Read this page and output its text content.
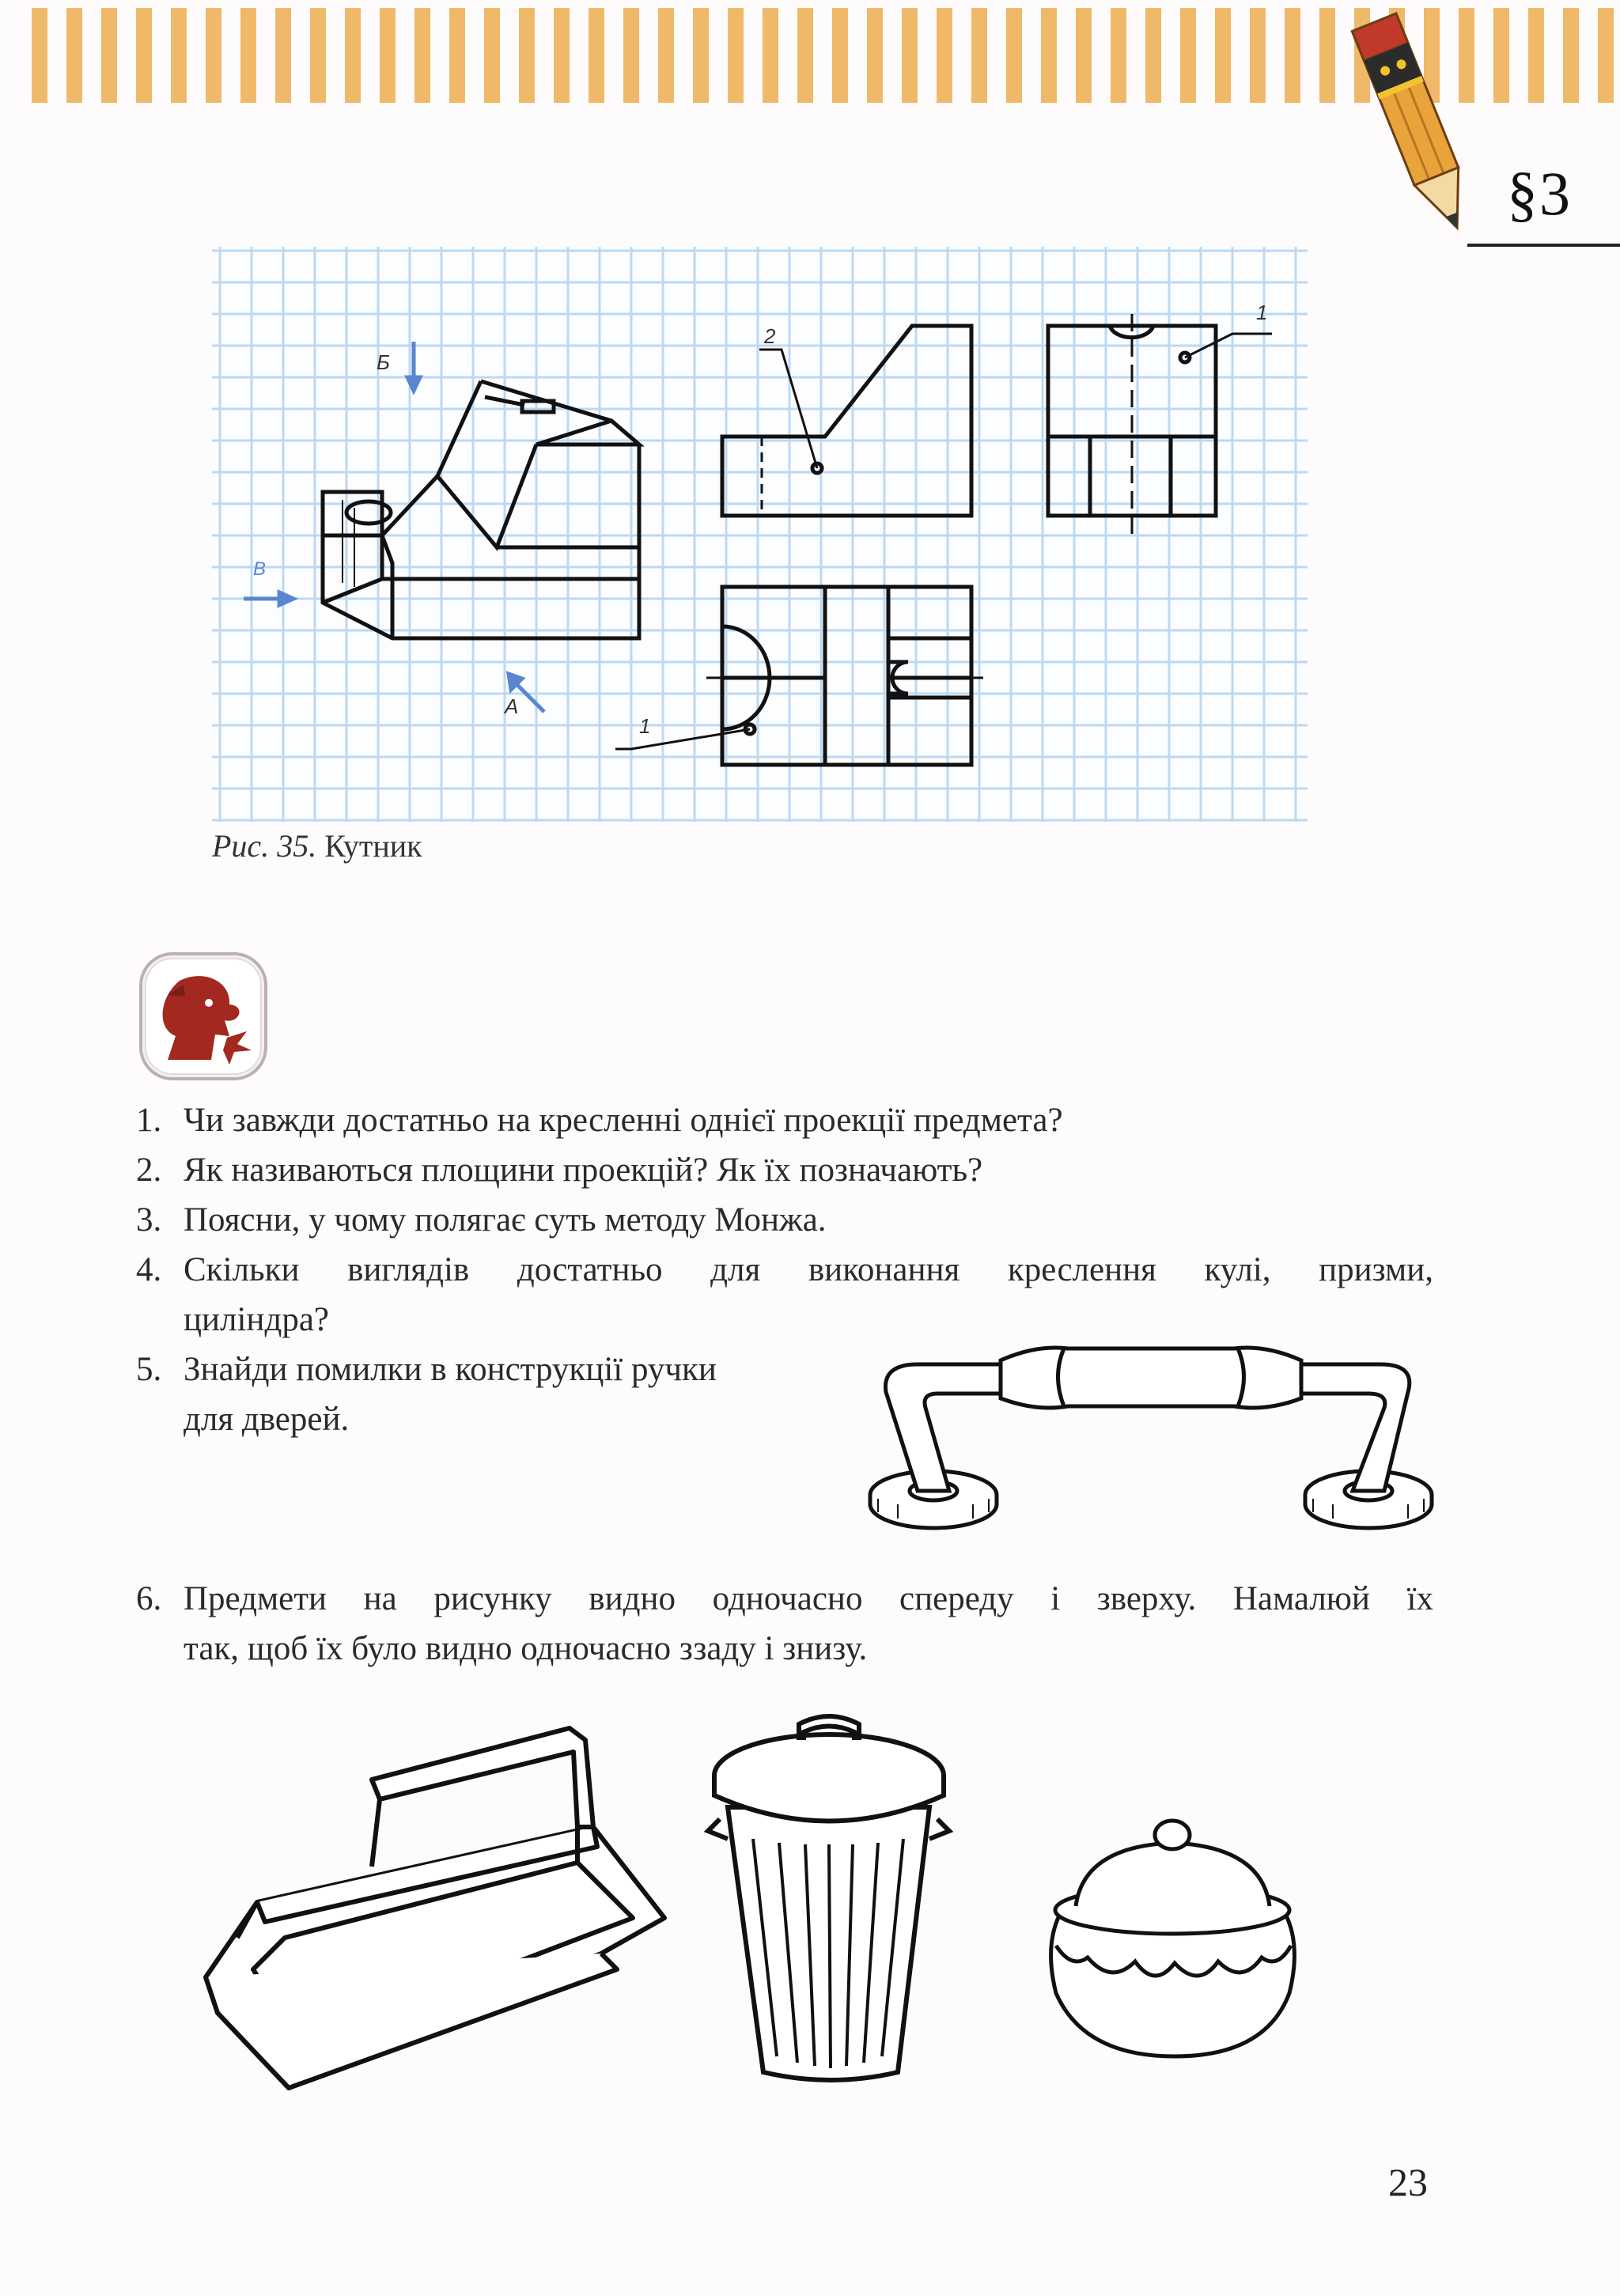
§3
Б
В
А
2
1
1
Рис. 35. Кутник
1. Чи завжди достатньо на кресленні однієї проекції предмета?
2. Як називаються площини проекцій? Як їх позначають?
3. Поясни, у чому полягає суть методу Монжа.
4. Скільки виглядів достатньо для виконання креслення кулі, призми,
циліндра?
5. Знайди помилки в конструкції ручки
для дверей.
6. Предмети на рисунку видно одночасно спереду і зверху. Намалюй їх
так, щоб їх було видно одночасно ззаду і знизу.
23
